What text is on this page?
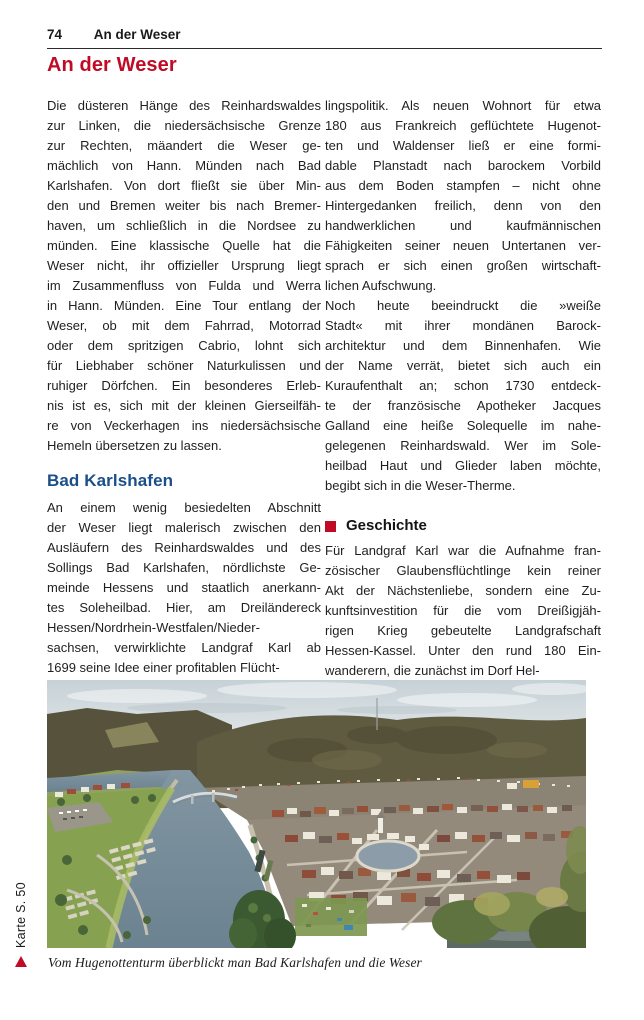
74 An der Weser
An der Weser
Die düsteren Hänge des Reinhardswaldes
zur Linken, die niedersächsische Grenze
zur Rechten, mäandert die Weser ge-
mächlich von Hann. Münden nach Bad
Karlshafen. Von dort fließt sie über Min-
den und Bremen weiter bis nach Bremer-
haven, um schließlich in die Nordsee zu
münden. Eine klassische Quelle hat die
Weser nicht, ihr offizieller Ursprung liegt
im Zusammenfluss von Fulda und Werra
in Hann. Münden. Eine Tour entlang der
Weser, ob mit dem Fahrrad, Motorrad
oder dem spritzigen Cabrio, lohnt sich
für Liebhaber schöner Naturkulissen und
ruhiger Dörfchen. Ein besonderes Erleb-
nis ist es, sich mit der kleinen Gierseilfäh-
re von Veckerhagen ins niedersächsische
Hemeln übersetzen zu lassen.
Bad Karlshafen
An einem wenig besiedelten Abschnitt
der Weser liegt malerisch zwischen den
Ausläufern des Reinhardswaldes und des
Sollings Bad Karlshafen, nördlichste Ge-
meinde Hessens und staatlich anerkann-
tes Soleheilbad. Hier, am Dreiländereck
Hessen/Nordrhein-Westfalen/Nieder-
sachsen, verwirklichte Landgraf Karl ab
1699 seine Idee einer profitablen Flücht-
lingspolitik. Als neuen Wohnort für etwa
180 aus Frankreich geflüchtete Hugenot-
ten und Waldenser ließ er eine formi-
dable Planstadt nach barockem Vorbild
aus dem Boden stampfen – nicht ohne
Hintergedanken freilich, denn von den
handwerklichen und kaufmännischen
Fähigkeiten seiner neuen Untertanen ver-
sprach er sich einen großen wirtschaft-
lichen Aufschwung.
Noch heute beeindruckt die »weiße
Stadt« mit ihrer mondänen Barock-
architektur und dem Binnenhafen. Wie
der Name verrät, bietet sich auch ein
Kuraufenthalt an; schon 1730 entdeck-
te der französische Apotheker Jacques
Galland eine heiße Solequelle im nahe-
gelegenen Reinhardswald. Wer im Sole-
heilbad Haut und Glieder laben möchte,
begibt sich in die Weser-Therme.
Geschichte
Für Landgraf Karl war die Aufnahme fran-
zösischer Glaubensflüchtlinge kein reiner
Akt der Nächstenliebe, sondern eine Zu-
kunftsinvestition für die vom Dreißigjäh-
rigen Krieg gebeutelte Landgrafschaft
Hessen-Kassel. Unter den rund 180 Ein-
wanderern, die zunächst im Dorf Hel-
Vom Hugenottenturm überblickt man Bad Karlshafen und die Weser
Karte S. 50
